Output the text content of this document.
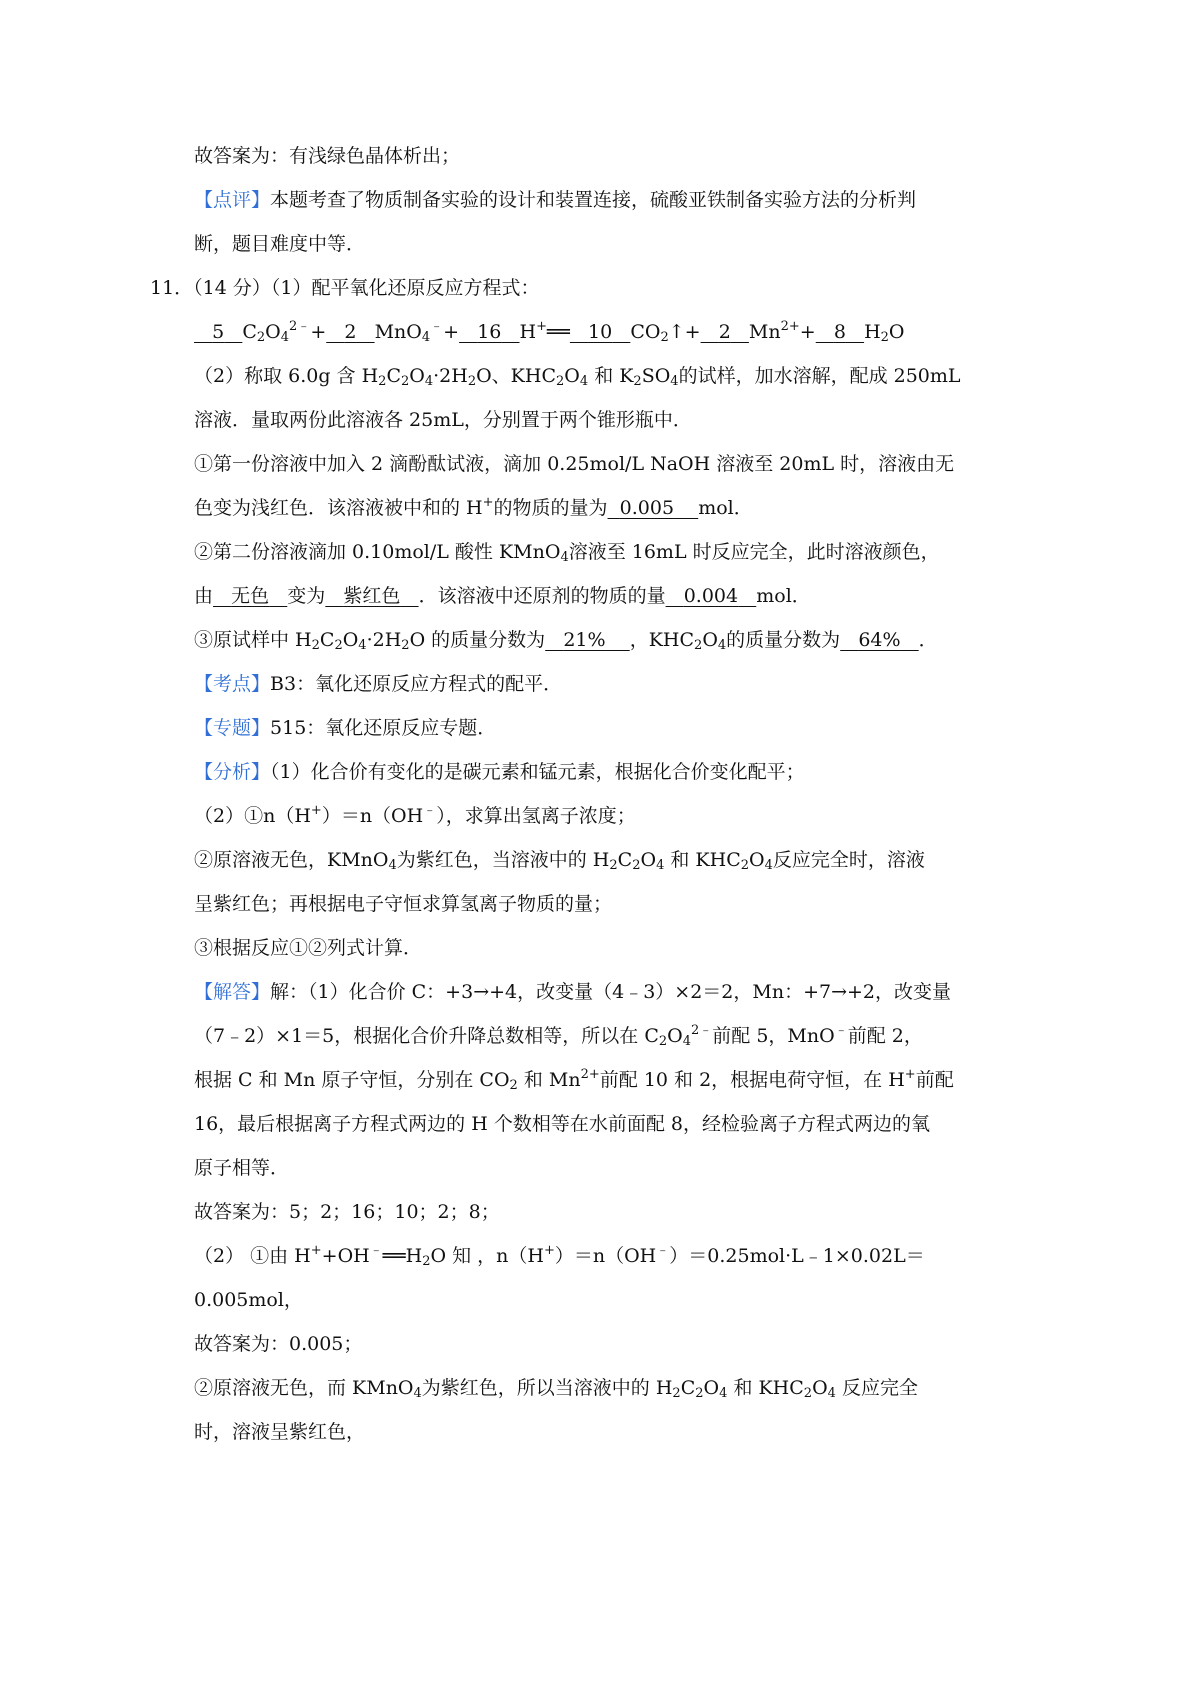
故答案为：有浅绿色晶体析出；
【点评】本题考查了物质制备实验的设计和装置连接，硫酸亚铁制备实验方法的分析判
断，题目难度中等．
11．（14 分）（1）配平氧化还原反应方程式：
5 $C_2O_4^{2﹣}+ 2$ MnO$_4$﹣+ 16 H+══ 10 $CO_2↑+ 2$ $Mn^{2+}+ 8$ $H_2O$
（2）称取 6.0g 含 $H_2C_2O_4\cdot 2H_2O$、$KHC_2O_4$ 和 $K_2SO_4$的试样，加水溶解，配成 250mL
溶液．量取两份此溶液各 25mL，分别置于两个锥形瓶中．
①第一份溶液中加入 2 滴酚酞试液，滴加 0.25mol/L NaOH 溶液至 20mL 时，溶液由无
色变为浅红色．该溶液被中和的 H+的物质的量为 0.005 mol．
②第二份溶液滴加 0.10mol/L 酸性 KMnO$_4$溶液至 16mL 时反应完全，此时溶液颜色，
由 无色 变为 紫红色 ．该溶液中还原剂的物质的量 0.004 mol．
③原试样中 $H_2C_2O_4\cdot 2H_2O$ 的质量分数为 21% ，$KHC_2O_4$的质量分数为 64% ．
【考点】B3：氧化还原反应方程式的配平．
【专题】515：氧化还原反应专题．
【分析】（1）化合价有变化的是碳元素和锰元素，根据化合价变化配平；
（2）①n（H+）＝n（OH﹣），求算出氢离子浓度；
②原溶液无色，KMnO$_4$为紫红色，当溶液中的 $H_2C_2O_4$ 和 $KHC_2O_4$反应完全时，溶液
呈紫红色；再根据电子守恒求算氢离子物质的量；
③根据反应①②列式计算．
【解答】解：（1）化合价 C：+3→+4，改变量（4﹣3）×2＝2，Mn：+7→+2，改变量
（7﹣2）×1＝5，根据化合价升降总数相等，所以在 $C_2O_4^{2﹣}$前配 5，MnO﹣前配 2，
根据 C 和 Mn 原子守恒，分别在 $CO_2$ 和 $Mn^{2+}$前配 10 和 2，根据电荷守恒，在 H+前配
16，最后根据离子方程式两边的 H 个数相等在水前面配 8，经检验离子方程式两边的氧
原子相等．
故答案为：5；2；16；10；2；8；
（2） ①由 $H^++OH^﹣══H_2O$ 知 ，n（H+）＝n（OH﹣）＝0.25mol·L﹣1×0.02L＝
0.005mol，
故答案为：0.005；
②原溶液无色，而 KMnO$_4$为紫红色，所以当溶液中的 $H_2C_2O_4$ 和 $KHC_2O_4$ 反应完全
时，溶液呈紫红色，
